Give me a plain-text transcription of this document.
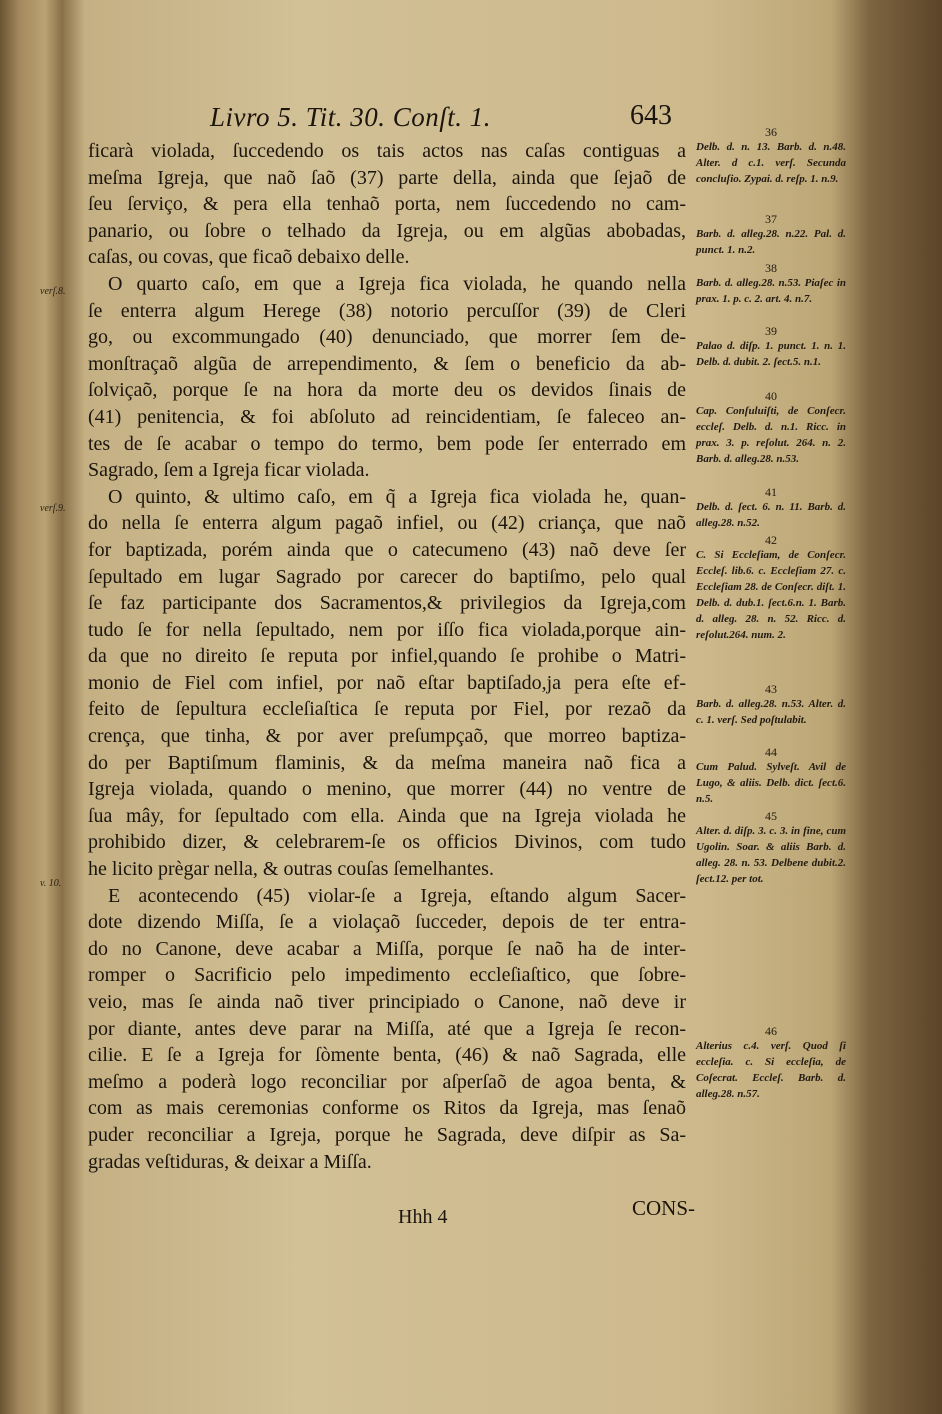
Livro 5. Tit. 30. Conſt. 1.	643
ficarà violada, ſuccedendo os tais actos nas caſas contiguas a
meſma Igreja, que naõ ſaõ (37) parte della, ainda que ſejaõ de
ſeu ſerviço, & pera ella tenhaõ porta, nem ſuccedendo no cam-
panario, ou ſobre o telhado da Igreja, ou em algũas abobadas,
caſas, ou covas, que ficaõ debaixo delle.
O quarto caſo, em que a Igreja fica violada, he quando nella
ſe enterra algum Herege (38) notorio percuſſor (39) de Cleri
go, ou excommungado (40) denunciado, que morrer ſem de-
monſtraçaõ algũa de arrependimento, & ſem o beneficio da ab-
ſolviçaõ, porque ſe na hora da morte deu os devidos ſinais de
(41) penitencia, & foi abſoluto ad reincidentiam, ſe faleceo an-
tes de ſe acabar o tempo do termo, bem pode ſer enterrado em
Sagrado, ſem a Igreja ficar violada.
O quinto, & ultimo caſo, em q̃ a Igreja fica violada he, quan-
do nella ſe enterra algum pagaõ infiel, ou (42) criança, que naõ
for baptizada, porém ainda que o catecumeno (43) naõ deve ſer
ſepultado em lugar Sagrado por carecer do baptiſmo, pelo qual
ſe faz participante dos Sacramentos,& privilegios da Igreja,com
tudo ſe for nella ſepultado, nem por iſſo fica violada,porque ain-
da que no direito ſe reputa por infiel,quando ſe prohibe o Matri-
monio de Fiel com infiel, por naõ eſtar baptiſado,ja pera eſte ef-
feito de ſepultura eccleſiaſtica ſe reputa por Fiel, por rezaõ da
crença, que tinha, & por aver preſumpçaõ, que morreo baptiza-
do per Baptiſmum flaminis, & da meſma maneira naõ fica a
Igreja violada, quando o menino, que morrer (44) no ventre de
ſua mây, for ſepultado com ella. Ainda que na Igreja violada he
prohibido dizer, & celebrarem-ſe os officios Divinos, com tudo
he licito prègar nella, & outras couſas ſemelhantes.
E acontecendo (45) violar-ſe a Igreja, eſtando algum Sacer-
dote dizendo Miſſa, ſe a violaçaõ ſucceder, depois de ter entra-
do no Canone, deve acabar a Miſſa, porque ſe naõ ha de inter-
romper o Sacrificio pelo impedimento eccleſiaſtico, que ſobre-
veio, mas ſe ainda naõ tiver principiado o Canone, naõ deve ir
por diante, antes deve parar na Miſſa, até que a Igreja ſe recon-
cilie. E ſe a Igreja for ſòmente benta, (46) & naõ Sagrada, elle
meſmo a poderà logo reconciliar por aſperſaõ de agoa benta, &
com as mais ceremonias conforme os Ritos da Igreja, mas ſenaõ
puder reconciliar a Igreja, porque he Sagrada, deve diſpir as Sa-
gradas veſtiduras, & deixar a Miſſa.
36
Delb. d. n. 13. Barb. d. n.48. Alter. d c.1. verſ. Secunda concluſio. Zypai. d. reſp. 1. n.9.
37
Barb. d. alleg.28. n.22. Pal. d. punct. 1. n.2.
38
Barb. d. alleg.28. n.53. Piaſec in prax. 1. p. c. 2. art. 4. n.7.
39
Palao d. diſp. 1. punct. 1. n. 1. Delb. d. dubit. 2. ſect.5. n.1.
40
Cap. Conſuluiſti, de Conſecr. eccleſ. Delb. d. n.1. Ricc. in prax. 3. p. reſolut. 264. n. 2. Barb. d. alleg.28. n.53.
41
Delb. d. ſect. 6. n. 11. Barb. d. alleg.28. n.52.
42
C. Si Eccleſiam, de Conſecr. Eccleſ. lib.6. c. Eccleſiam 27. c. Eccleſiam 28. de Conſecr. diſt. 1. Delb. d. dub.1. ſect.6.n. 1. Barb. d. alleg. 28. n. 52. Ricc. d. reſolut.264. num. 2.
43
Barb. d. alleg.28. n.53. Alter. d. c. 1. verſ. Sed poſtulabit.
44
Cum Palud. Sylveſt. Avil de Lugo, & aliis. Delb. dict. ſect.6. n.5.
45
Alter. d. diſp. 3. c. 3. in fine, cum Ugolin. Soar. & aliis Barb. d. alleg. 28. n. 53. Delbene dubit.2. ſect.12. per tot.
46
Alterius c.4. verſ. Quod ſi eccleſia. c. Si eccleſia, de Coſecrat. Eccleſ. Barb. d. alleg.28. n.57.
verſ.8.
verſ.9.
v. 10.
Hhh 4	CONS-
